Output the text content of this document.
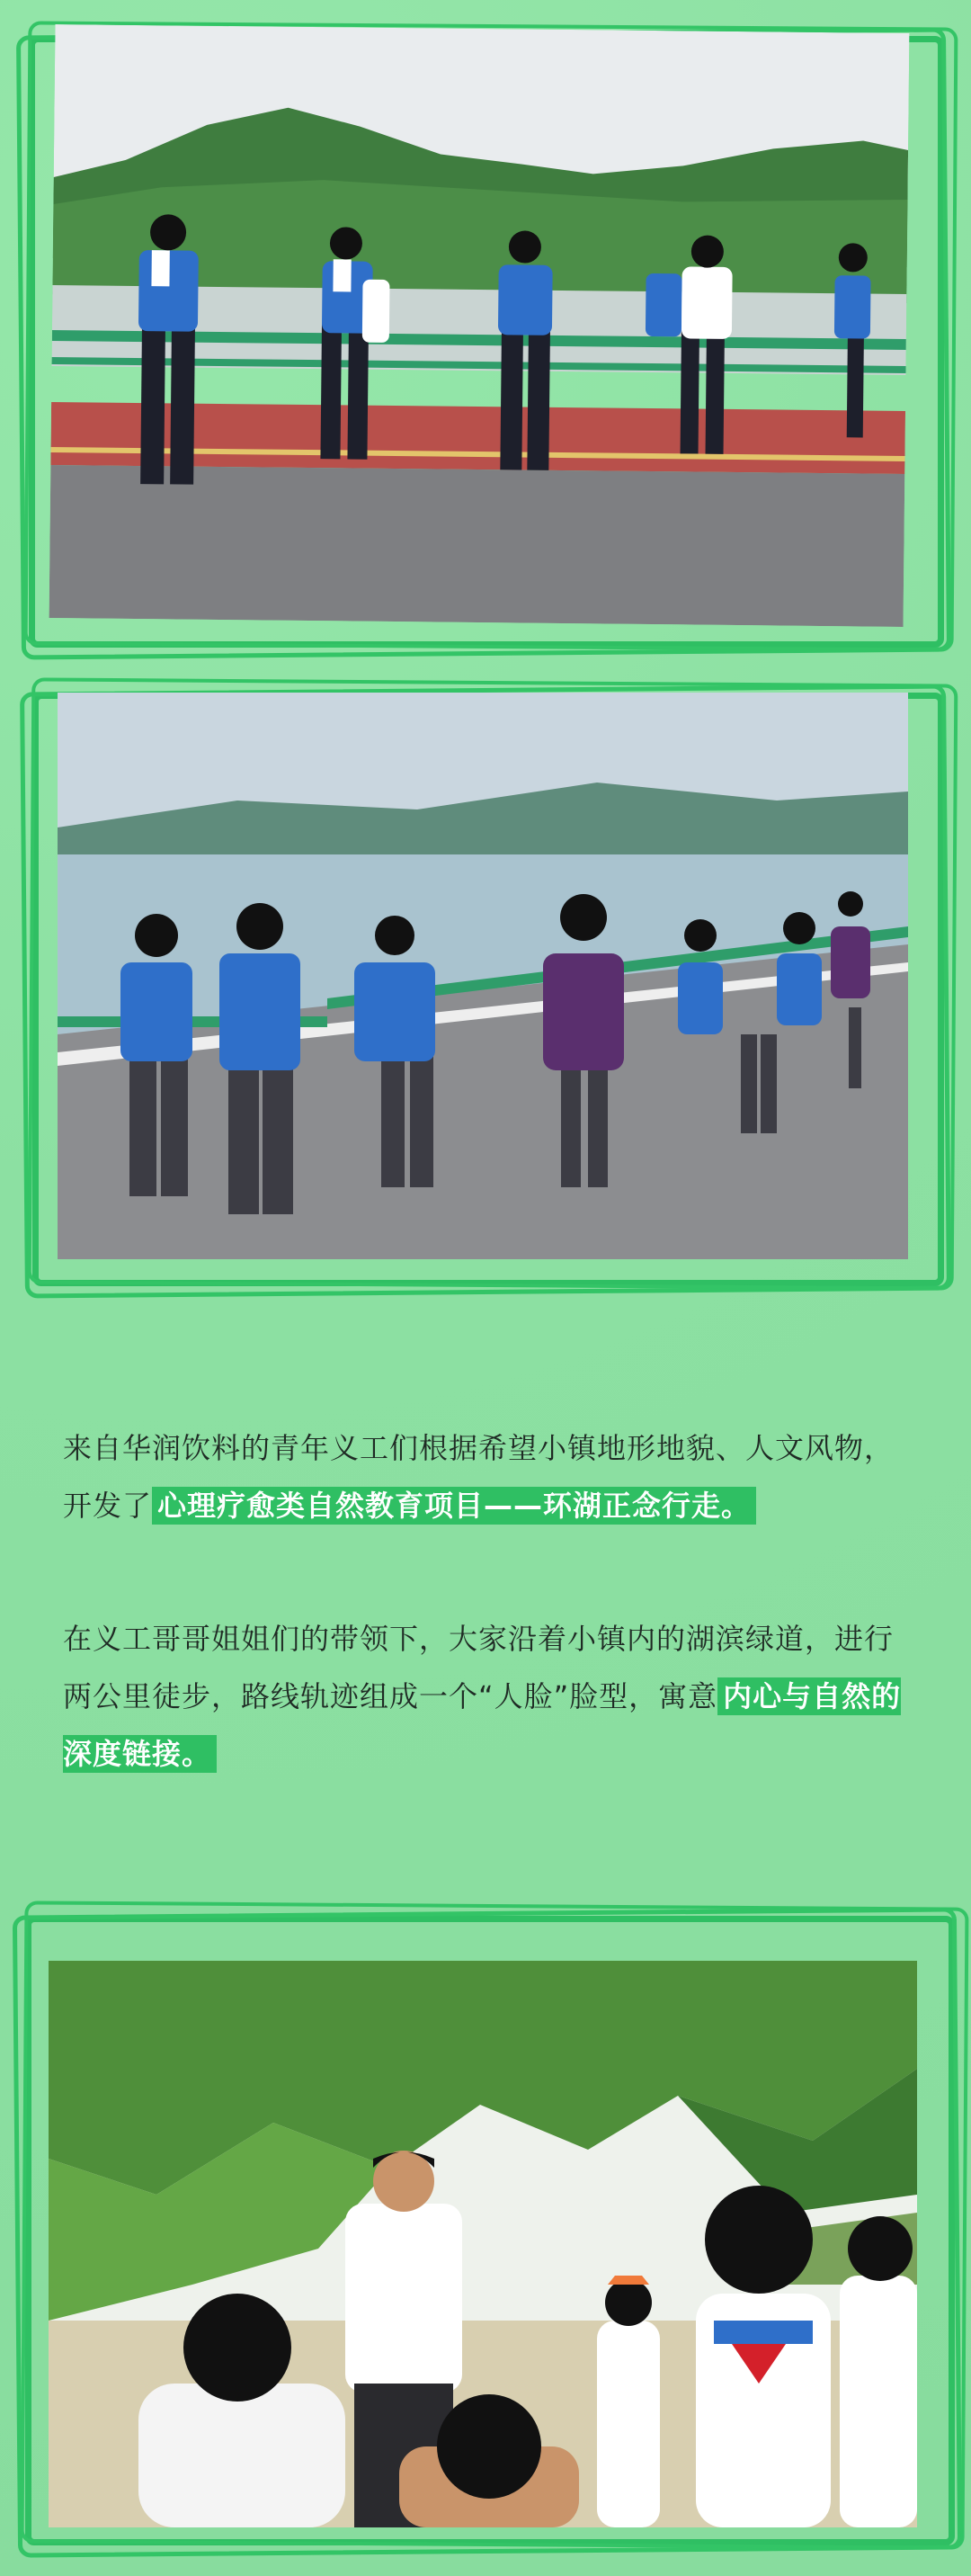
来自华润饮料的青年义工们根据希望小镇地形地貌、人文风物，开发了 心理疗愈类自然教育项目——环湖正念行走。
在义工哥哥姐姐们的带领下，大家沿着小镇内的湖滨绿道，进行两公里徒步，路线轨迹组成一个“人脸”脸型，寓意 内心与自然的深度链接。
